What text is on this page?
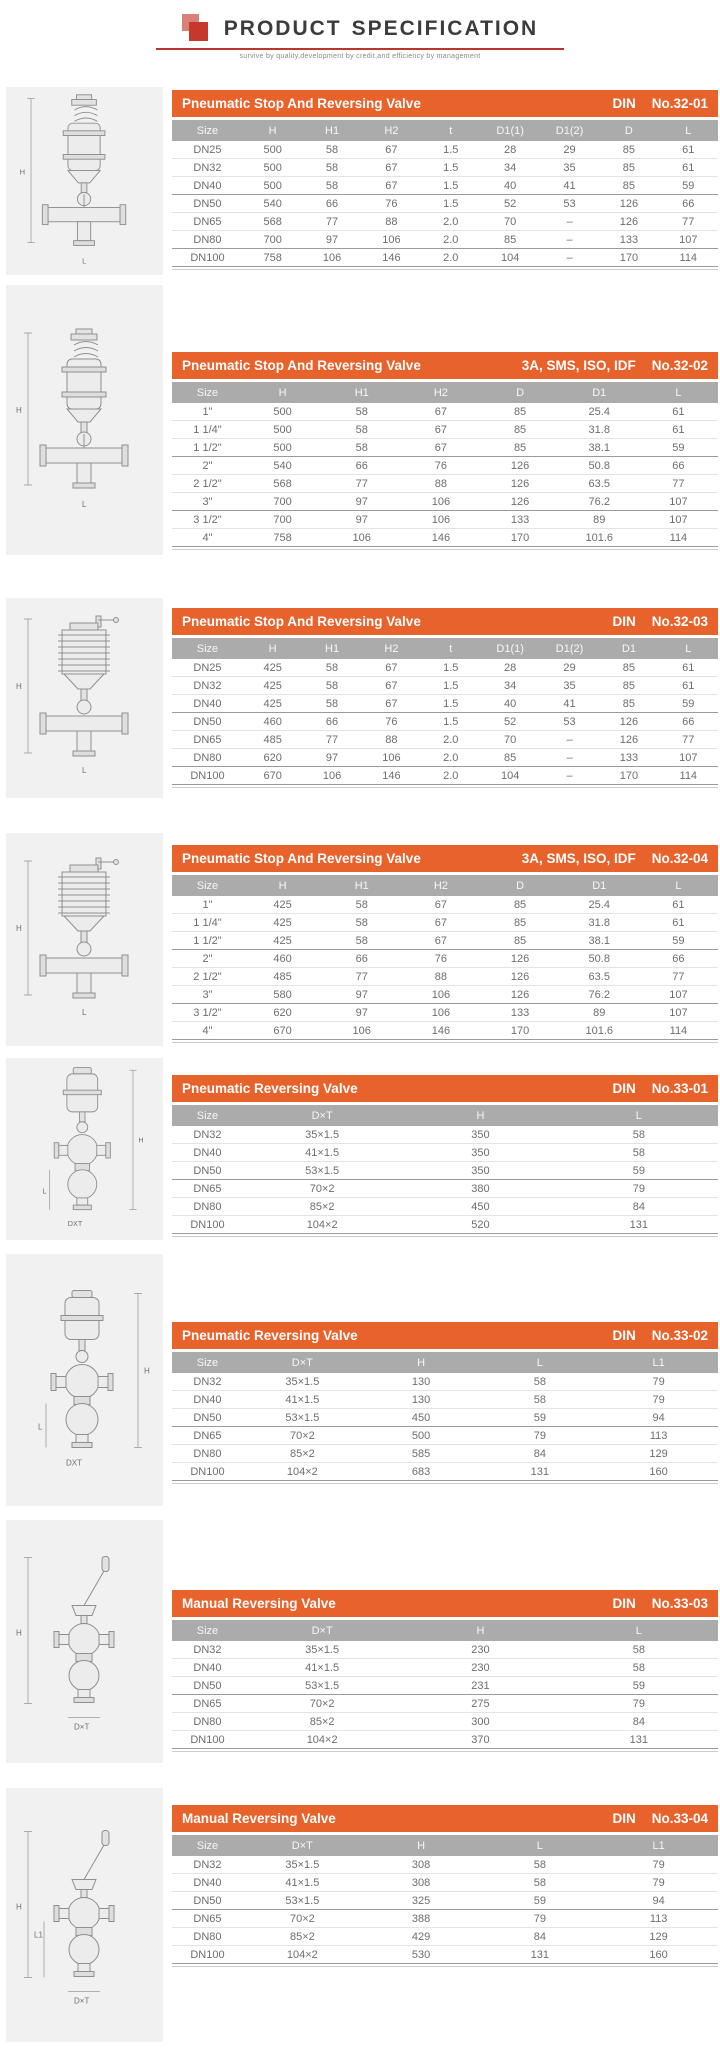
PRODUCT SPECIFICATION
survive by quality,development by credit,and efficiency by management
H
L
Pneumatic Stop And Reversing Valve	DIN No.32-01
Size	H	H1	H2	t	D1(1)	D1(2)	D	L
DN25	500	58	67	1.5	28	29	85	61
DN32	500	58	67	1.5	34	35	85	61
DN40	500	58	67	1.5	40	41	85	59
DN50	540	66	76	1.5	52	53	126	66
DN65	568	77	88	2.0	70	–	126	77
DN80	700	97	106	2.0	85	–	133	107
DN100	758	106	146	2.0	104	–	170	114
H
L
Pneumatic Stop And Reversing Valve	3A, SMS, ISO, IDF No.32-02
Size	H	H1	H2	D	D1	L
1"	500	58	67	85	25.4	61
1 1/4"	500	58	67	85	31.8	61
1 1/2"	500	58	67	85	38.1	59
2"	540	66	76	126	50.8	66
2 1/2"	568	77	88	126	63.5	77
3"	700	97	106	126	76.2	107
3 1/2"	700	97	106	133	89	107
4"	758	106	146	170	101.6	114
H
L
Pneumatic Stop And Reversing Valve	DIN No.32-03
Size	H	H1	H2	t	D1(1)	D1(2)	D1	L
DN25	425	58	67	1.5	28	29	85	61
DN32	425	58	67	1.5	34	35	85	61
DN40	425	58	67	1.5	40	41	85	59
DN50	460	66	76	1.5	52	53	126	66
DN65	485	77	88	2.0	70	–	126	77
DN80	620	97	106	2.0	85	–	133	107
DN100	670	106	146	2.0	104	–	170	114
H
L
Pneumatic Stop And Reversing Valve	3A, SMS, ISO, IDF No.32-04
Size	H	H1	H2	D	D1	L
1"	425	58	67	85	25.4	61
1 1/4"	425	58	67	85	31.8	61
1 1/2"	425	58	67	85	38.1	59
2"	460	66	76	126	50.8	66
2 1/2"	485	77	88	126	63.5	77
3"	580	97	106	126	76.2	107
3 1/2"	620	97	106	133	89	107
4"	670	106	146	170	101.6	114
H
L
DXT
Pneumatic Reversing Valve	DIN No.33-01
Size	D×T	H	L
DN32	35×1.5	350	58
DN40	41×1.5	350	58
DN50	53×1.5	350	59
DN65	70×2	380	79
DN80	85×2	450	84
DN100	104×2	520	131
H
L
DXT
Pneumatic Reversing Valve	DIN No.33-02
Size	D×T	H	L	L1
DN32	35×1.5	130	58	79
DN40	41×1.5	130	58	79
DN50	53×1.5	450	59	94
DN65	70×2	500	79	113
DN80	85×2	585	84	129
DN100	104×2	683	131	160
H
D×T
Manual Reversing Valve	DIN No.33-03
Size	D×T	H	L
DN32	35×1.5	230	58
DN40	41×1.5	230	58
DN50	53×1.5	231	59
DN65	70×2	275	79
DN80	85×2	300	84
DN100	104×2	370	131
L1
H
D×T
Manual Reversing Valve	DIN No.33-04
Size	D×T	H	L	L1
DN32	35×1.5	308	58	79
DN40	41×1.5	308	58	79
DN50	53×1.5	325	59	94
DN65	70×2	388	79	113
DN80	85×2	429	84	129
DN100	104×2	530	131	160
